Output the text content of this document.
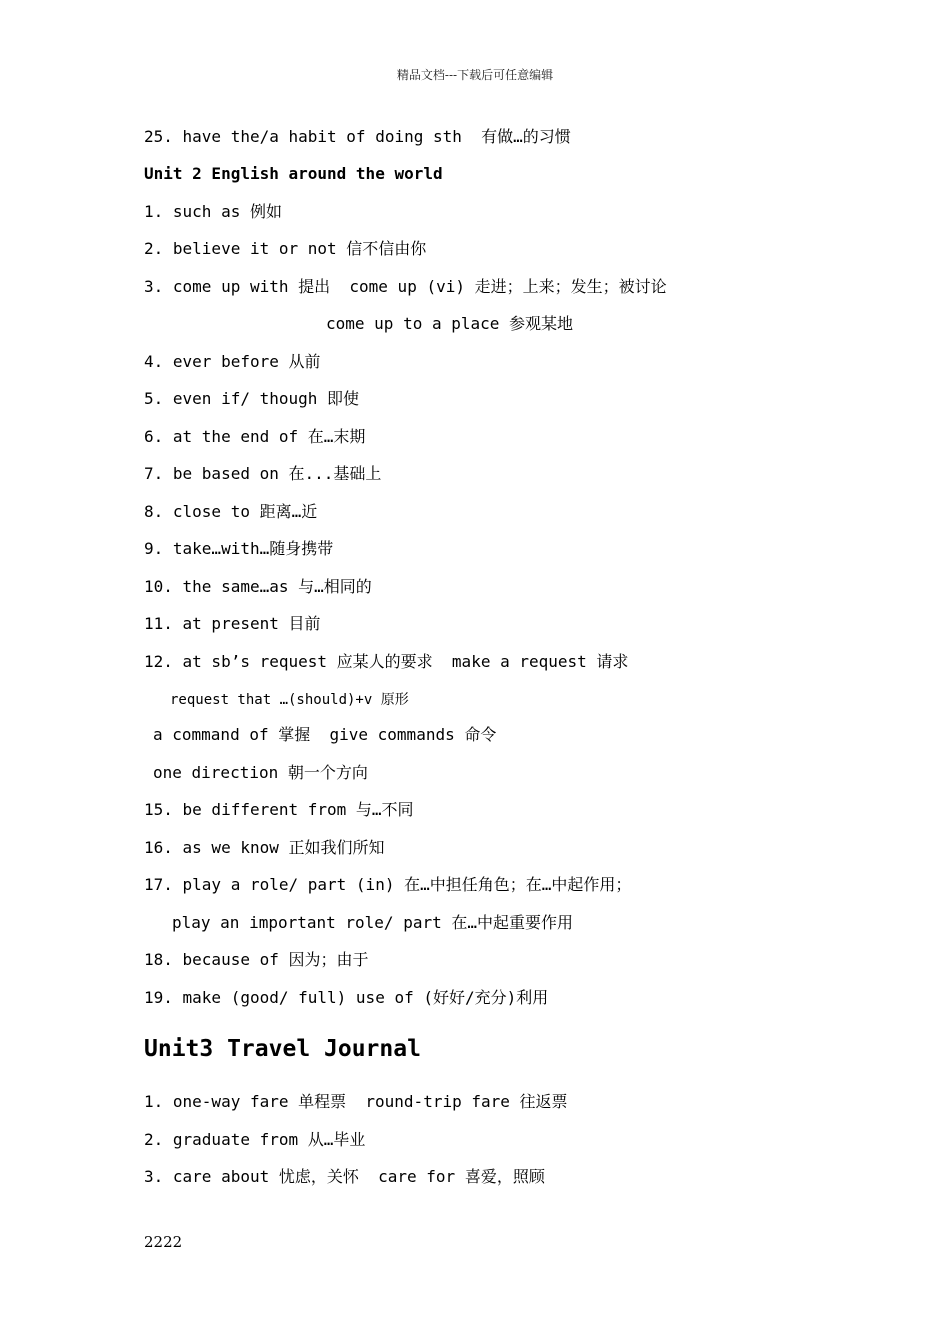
精品文档---下载后可任意编辑
25. have the/a habit of doing sth  有做…的习惯
Unit 2 English around the world
1. such as 例如
2. believe it or not 信不信由你
3. come up with 提出  come up (vi) 走进；上来；发生；被讨论
come up to a place 参观某地
4. ever before 从前
5. even if/ though 即使
6. at the end of 在…末期
7. be based on 在...基础上
8. close to 距离…近
9. take…with…随身携带
10. the same…as 与…相同的
11. at present 目前
12. at sb’s request 应某人的要求  make a request 请求
request that …(should)+v 原形
a command of 掌握  give commands 命令
one direction 朝一个方向
15. be different from 与…不同
16. as we know 正如我们所知
17. play a role/ part (in) 在…中担任角色；在…中起作用；
play an important role/ part 在…中起重要作用
18. because of 因为；由于
19. make (good/ full) use of (好好/充分)利用
Unit3 Travel Journal
1. one-way fare 单程票  round-trip fare 往返票
2. graduate from 从…毕业
3. care about 忧虑，关怀  care for 喜爱，照顾
2222
